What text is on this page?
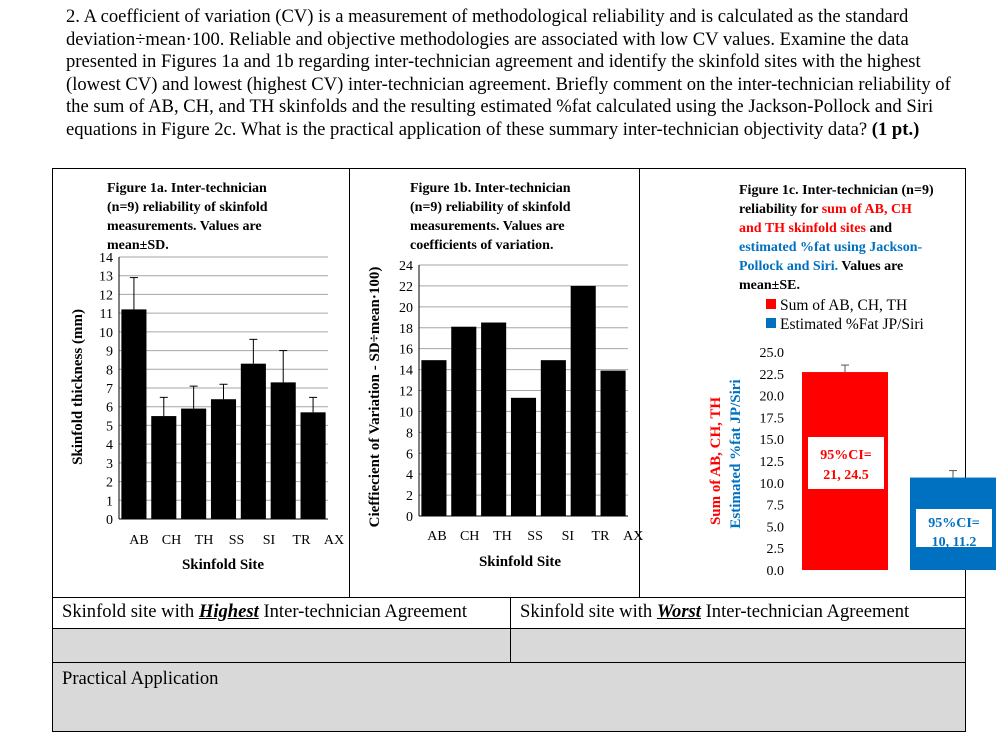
2. A coefficient of variation (CV) is a measurement of methodological reliability and is calculated as the standard deviation÷mean·100. Reliable and objective methodologies are associated with low CV values. Examine the data presented in Figures 1a and 1b regarding inter-technician agreement and identify the skinfold sites with the highest (lowest CV) and lowest (highest CV) inter-technician agreement. Briefly comment on the inter-technician reliability of the sum of AB, CH, and TH skinfolds and the resulting estimated %fat calculated using the Jackson-Pollock and Siri equations in Figure 2c. What is the practical application of these summary inter-technician objectivity data? (1 pt.)
Figure 1a. Inter-technician
(n=9) reliability of skinfold
measurements. Values are
mean±SD.
0
1
2
3
4
5
6
7
8
9
10
11
12
13
14
AB CH TH SS SI TR AX
Skinfold Site
Skinfold thickness (mm)
Figure 1b. Inter-technician
(n=9) reliability of skinfold
measurements. Values are
coefficients of variation.
0
2
4
6
8
10
12
14
16
18
20
22
24
AB CH TH SS SI TR AX
Skinfold Site
Cieffiecient of Variation - SD÷mean·100)
Figure 1c. Inter-technician (n=9)
reliability for sum of AB, CH
and TH skinfold sites and
estimated %fat using Jackson-
Pollock and Siri. Values are
mean±SE.
Sum of AB, CH, TH
Estimated %Fat JP/Siri
0.0
2.5
5.0
7.5
10.0
12.5
15.0
17.5
20.0
22.5
25.0
95%CI=
21, 24.5
95%CI=
10, 11.2
Sum of AB, CH, TH Estimated %fat JP/Siri
Skinfold site with Highest Inter-technician Agreement	Skinfold site with Worst Inter-technician Agreement
Practical Application
